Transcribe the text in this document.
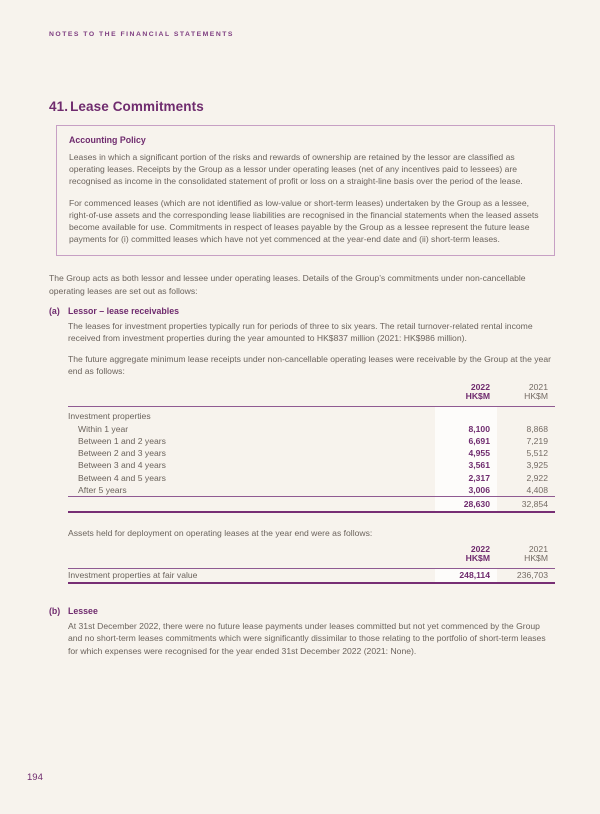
NOTES TO THE FINANCIAL STATEMENTS
41. Lease Commitments
Accounting Policy

Leases in which a significant portion of the risks and rewards of ownership are retained by the lessor are classified as operating leases. Receipts by the Group as a lessor under operating leases (net of any incentives paid to lessees) are recognised as income in the consolidated statement of profit or loss on a straight-line basis over the period of the lease.

For commenced leases (which are not identified as low-value or short-term leases) undertaken by the Group as a lessee, right-of-use assets and the corresponding lease liabilities are recognised in the financial statements when the leased assets become available for use. Commitments in respect of leases payable by the Group as a lessee represent the future lease payments for (i) committed leases which have not yet commenced at the year-end date and (ii) short-term leases.

The Group acts as both lessor and lessee under operating leases. Details of the Group’s commitments under non-cancellable operating leases are set out as follows:

(a) Lessor – lease receivables

The leases for investment properties typically run for periods of three to six years. The retail turnover-related rental income received from investment properties during the year amounted to HK$837 million (2021: HK$986 million).

The future aggregate minimum lease receipts under non-cancellable operating leases were receivable by the Group at the year end as follows:

2022
HK$M

2021
HK$M

Investment properties		
Within 1 year	8,100	8,868
Between 1 and 2 years	6,691	7,219
Between 2 and 3 years	4,955	5,512
Between 3 and 4 years	3,561	3,925
Between 4 and 5 years	2,317	2,922
After 5 years	3,006	4,408
	28,630	32,854

Assets held for deployment on operating leases at the year end were as follows:

2022
HK$M

2021
HK$M

Investment properties at fair value	248,114	236,703
(b) Lessee

At 31st December 2022, there were no future lease payments under leases committed but not yet commenced by the Group and no short-term leases commitments which were significantly dissimilar to those relating to the portfolio of short-term leases for which expenses were recognised for the year ended 31st December 2022 (2021: None).

194
